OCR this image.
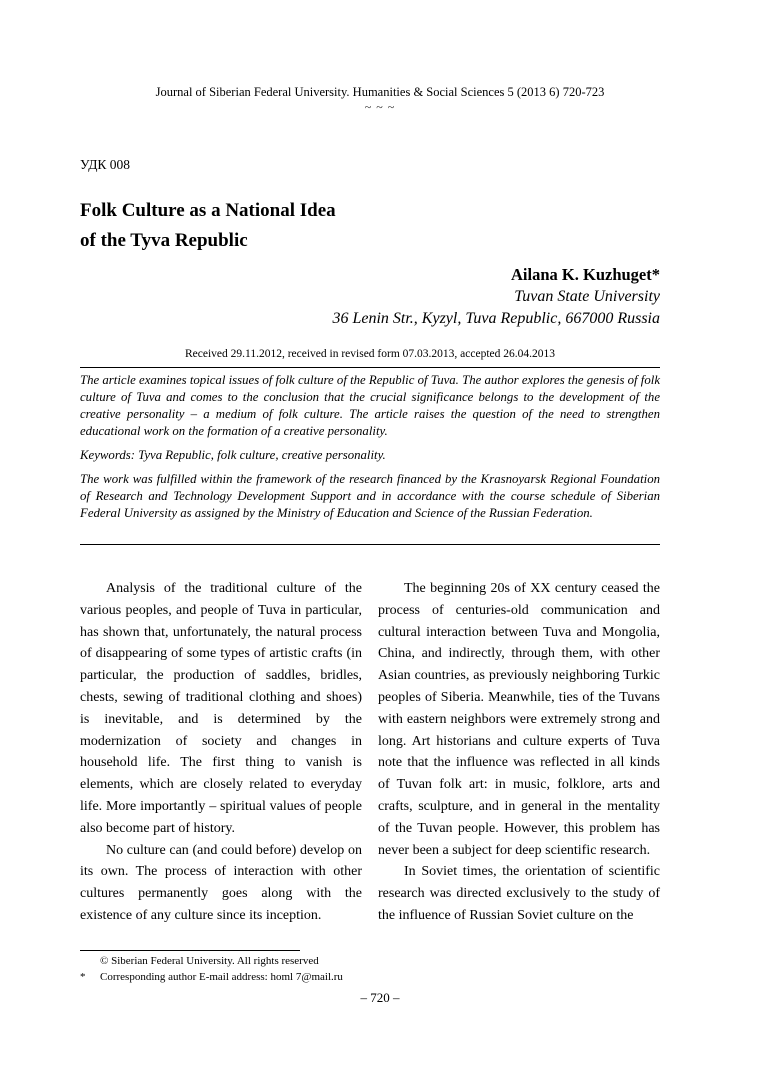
Journal of Siberian Federal University. Humanities & Social Sciences 5 (2013 6) 720-723
~ ~ ~
УДК 008
Folk Culture as a National Idea
of the Tyva Republic
Ailana K. Kuzhuget*
Tuvan State University
36 Lenin Str., Kyzyl, Tuva Republic, 667000 Russia
Received 29.11.2012, received in revised form 07.03.2013, accepted 26.04.2013

The article examines topical issues of folk culture of the Republic of Tuva. The author explores the genesis of folk culture of Tuva and comes to the conclusion that the crucial significance belongs to the development of the creative personality – a medium of folk culture. The article raises the question of the need to strengthen educational work on the formation of a creative personality.

Keywords: Tyva Republic, folk culture, creative personality.

The work was fulfilled within the framework of the research financed by the Krasnoyarsk Regional Foundation of Research and Technology Development Support and in accordance with the course schedule of Siberian Federal University as assigned by the Ministry of Education and Science of the Russian Federation.

Analysis of the traditional culture of the various peoples, and people of Tuva in particular, has shown that, unfortunately, the natural process of disappearing of some types of artistic crafts (in particular, the production of saddles, bridles, chests, sewing of traditional clothing and shoes) is inevitable, and is determined by the modernization of society and changes in household life. The first thing to vanish is elements, which are closely related to everyday life. More importantly – spiritual values of people also become part of history.

No culture can (and could before) develop on its own. The process of interaction with other cultures permanently goes along with the existence of any culture since its inception.

The beginning 20s of XX century ceased the process of centuries-old communication and cultural interaction between Tuva and Mongolia, China, and indirectly, through them, with other Asian countries, as previously neighboring Turkic peoples of Siberia. Meanwhile, ties of the Tuvans with eastern neighbors were extremely strong and long. Art historians and culture experts of Tuva note that the influence was reflected in all kinds of Tuvan folk art: in music, folklore, arts and crafts, sculpture, and in general in the mentality of the Tuvan people. However, this problem has never been a subject for deep scientific research.

In Soviet times, the orientation of scientific research was directed exclusively to the study of the influence of Russian Soviet culture on the

© Siberian Federal University. All rights reserved
*	Corresponding author E-mail address: homl 7@mail.ru
– 720 –
